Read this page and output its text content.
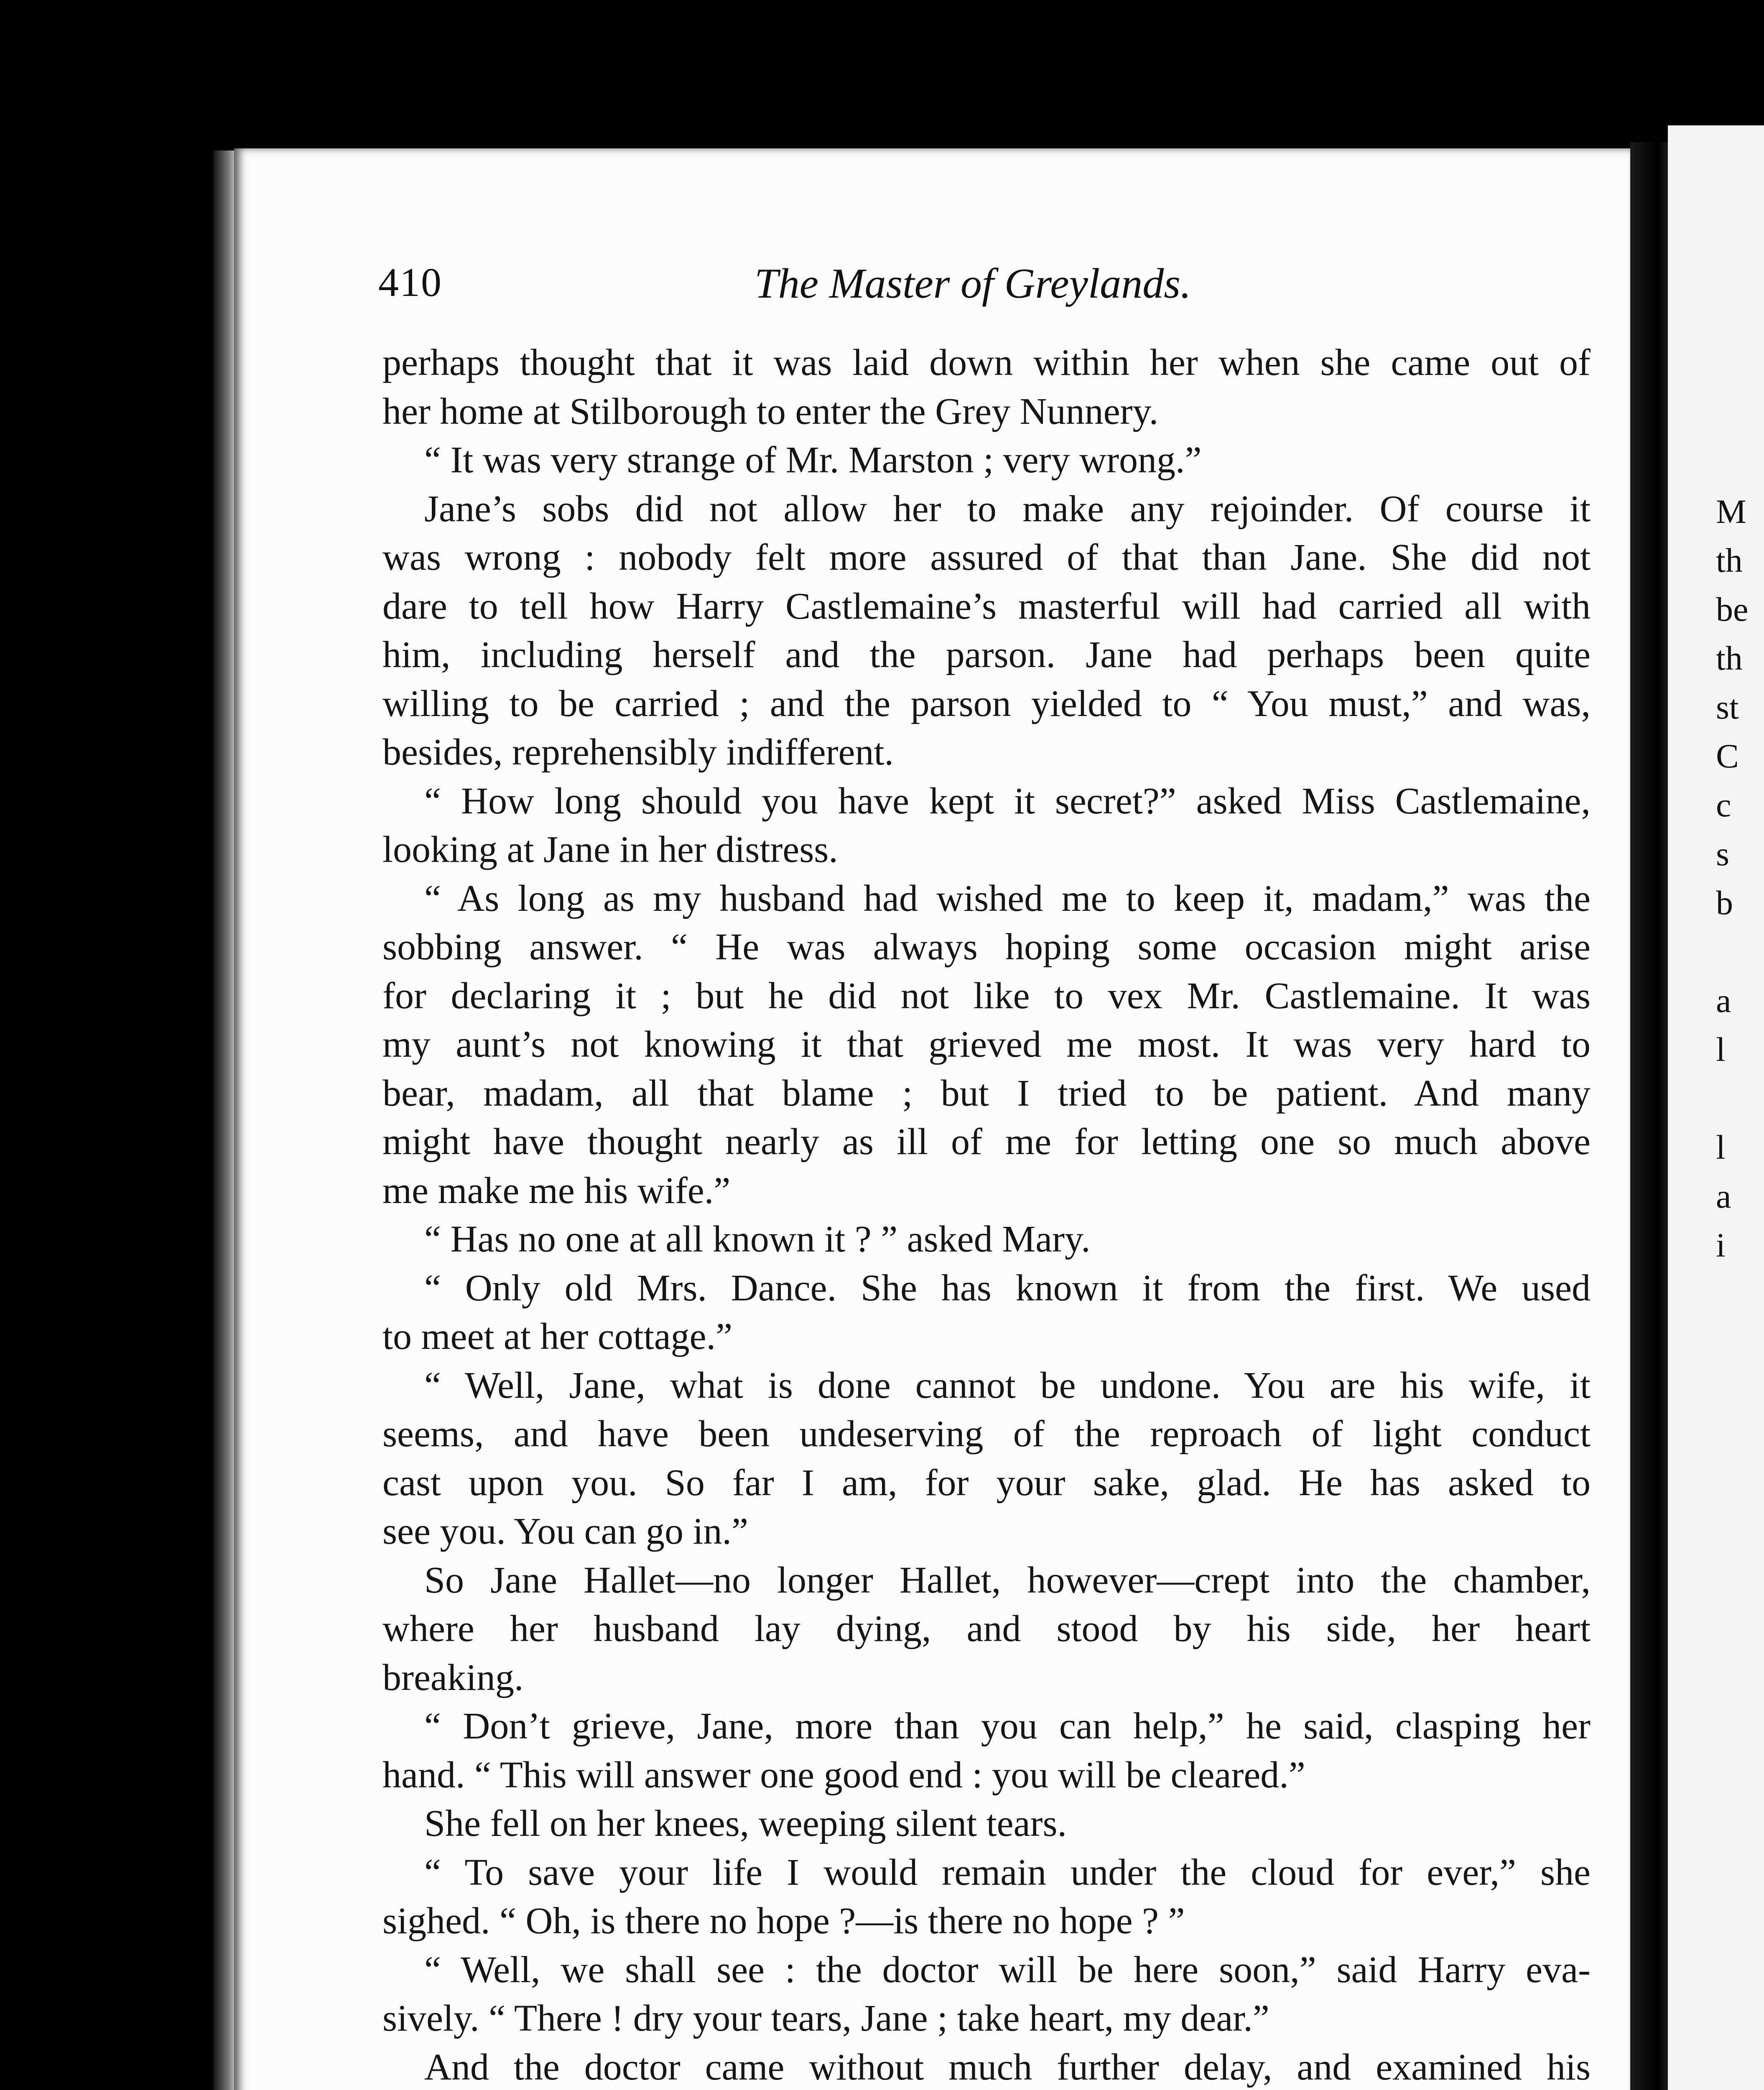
M
th
be
th
st
C
c
s
b
a
l
l
a
i
410	The Master of Greylands.
perhaps thought that it was laid down within her when she came out of
her home at Stilborough to enter the Grey Nunnery.
“ It was very strange of Mr. Marston ; very wrong.”
Jane’s sobs did not allow her to make any rejoinder. Of course it
was wrong : nobody felt more assured of that than Jane. She did not
dare to tell how Harry Castlemaine’s masterful will had carried all with
him, including herself and the parson. Jane had perhaps been quite
willing to be carried ; and the parson yielded to “ You must,” and was,
besides, reprehensibly indifferent.
“ How long should you have kept it secret?” asked Miss Castlemaine,
looking at Jane in her distress.
“ As long as my husband had wished me to keep it, madam,” was the
sobbing answer. “ He was always hoping some occasion might arise
for declaring it ; but he did not like to vex Mr. Castlemaine. It was
my aunt’s not knowing it that grieved me most. It was very hard to
bear, madam, all that blame ; but I tried to be patient. And many
might have thought nearly as ill of me for letting one so much above
me make me his wife.”
“ Has no one at all known it ? ” asked Mary.
“ Only old Mrs. Dance. She has known it from the first. We used
to meet at her cottage.”
“ Well, Jane, what is done cannot be undone. You are his wife, it
seems, and have been undeserving of the reproach of light conduct
cast upon you. So far I am, for your sake, glad. He has asked to
see you. You can go in.”
So Jane Hallet—no longer Hallet, however—crept into the chamber,
where her husband lay dying, and stood by his side, her heart
breaking.
“ Don’t grieve, Jane, more than you can help,” he said, clasping her
hand. “ This will answer one good end : you will be cleared.”
She fell on her knees, weeping silent tears.
“ To save your life I would remain under the cloud for ever,” she
sighed. “ Oh, is there no hope ?—is there no hope ? ”
“ Well, we shall see : the doctor will be here soon,” said Harry eva-
sively. “ There ! dry your tears, Jane ; take heart, my dear.”
And the doctor came without much further delay, and examined his
